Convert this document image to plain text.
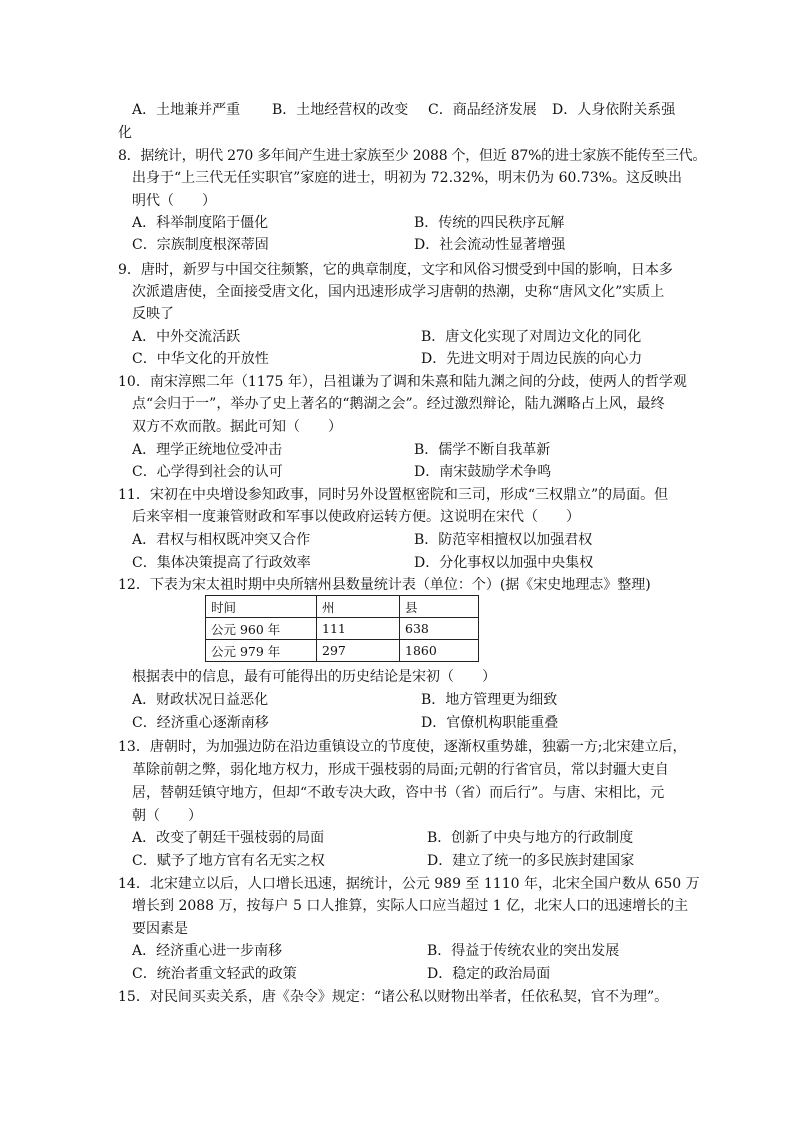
A．土地兼并严重 B．土地经营权的改变 C．商品经济发展 D．人身依附关系强
化
8．据统计，明代 270 多年间产生进士家族至少 2088 个，但近 87%的进士家族不能传至三代。
出身于“上三代无任实职官”家庭的进士，明初为 72.32%，明末仍为 60.73%。这反映出
明代（　　）
A．科举制度陷于僵化	B．传统的四民秩序瓦解
C．宗族制度根深蒂固	D．社会流动性显著增强
9．唐时，新罗与中国交往频繁，它的典章制度，文字和风俗习惯受到中国的影响，日本多
次派遣唐使，全面接受唐文化，国内迅速形成学习唐朝的热潮，史称“唐风文化”实质上
反映了
A．中外交流活跃	B．唐文化实现了对周边文化的同化
C．中华文化的开放性	D．先进文明对于周边民族的向心力
10．南宋淳熙二年（1175 年），吕祖谦为了调和朱熹和陆九渊之间的分歧，使两人的哲学观
点“会归于一”，举办了史上著名的“鹅湖之会”。经过激烈辩论，陆九渊略占上风，最终
双方不欢而散。据此可知（　　）
A．理学正统地位受冲击	B．儒学不断自我革新
C．心学得到社会的认可	D．南宋鼓励学术争鸣
11．宋初在中央增设参知政事，同时另外设置枢密院和三司，形成“三权鼎立”的局面。但
后来宰相一度兼管财政和军事以使政府运转方便。这说明在宋代（　　）
A．君权与相权既冲突又合作	B．防范宰相擅权以加强君权
C．集体决策提高了行政效率	D．分化事权以加强中央集权
12．下表为宋太祖时期中央所辖州县数量统计表（单位：个）(据《宋史地理志》整理)
时间	州	县
公元 960 年	111	638
公元 979 年	297	1860
根据表中的信息，最有可能得出的历史结论是宋初（　　）
A．财政状况日益恶化	B．地方管理更为细致
C．经济重心逐渐南移	D．官僚机构职能重叠
13．唐朝时，为加强边防在沿边重镇设立的节度使，逐渐权重势雄，独霸一方;北宋建立后，
革除前朝之弊，弱化地方权力，形成干强枝弱的局面;元朝的行省官员，常以封疆大吏自
居，替朝廷镇守地方，但却“不敢专决大政，咨中书（省）而后行”。与唐、宋相比，元
朝（　　）
A．改变了朝廷干强枝弱的局面	B．创新了中央与地方的行政制度
C．赋予了地方官有名无实之权	D．建立了统一的多民族封建国家
14．北宋建立以后，人口增长迅速，据统计，公元 989 至 1110 年，北宋全国户数从 650 万
增长到 2088 万，按每户 5 口人推算，实际人口应当超过 1 亿，北宋人口的迅速增长的主
要因素是
A．经济重心进一步南移	B．得益于传统农业的突出发展
C．统治者重文轻武的政策	D．稳定的政治局面
15．对民间买卖关系，唐《杂令》规定：“诸公私以财物出举者，任依私契，官不为理”。
